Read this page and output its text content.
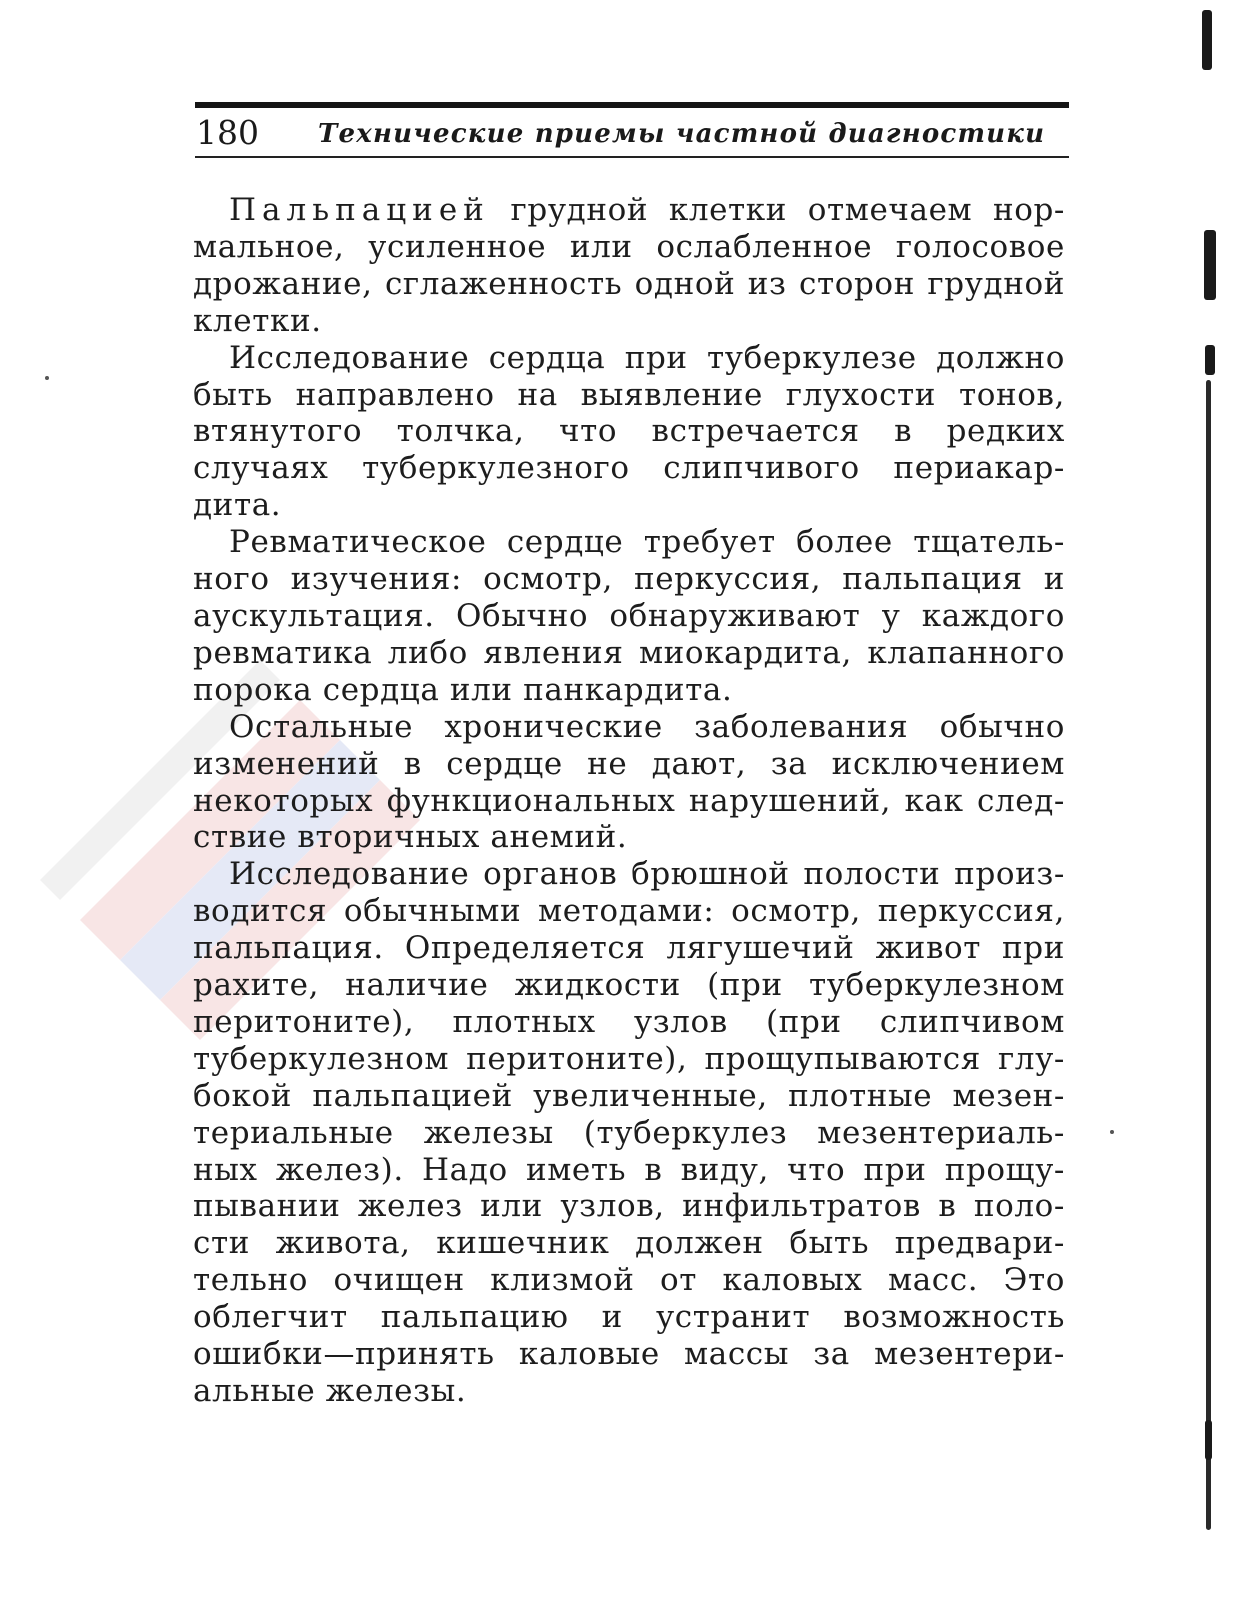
180 Технические приемы частной диагностики
Пальпацией грудной клетки отмечаем нор-
мальное, усиленное или ослабленное голосовое
дрожание, сглаженность одной из сторон грудной
клетки.
Исследование сердца при туберкулезе должно
быть направлено на выявление глухости тонов,
втянутого толчка, что встречается в редких
случаях туберкулезного слипчивого периакар-
дита.
Ревматическое сердце требует более тщатель-
ного изучения: осмотр, перкуссия, пальпация и
аускультация. Обычно обнаруживают у каждого
ревматика либо явления миокардита, клапанного
порока сердца или панкардита.
Остальные хронические заболевания обычно
изменений в сердце не дают, за исключением
некоторых функциональных нарушений, как след-
ствие вторичных анемий.
Исследование органов брюшной полости произ-
водится обычными методами: осмотр, перкуссия,
пальпация. Определяется лягушечий живот при
рахите, наличие жидкости (при туберкулезном
перитоните), плотных узлов (при слипчивом
туберкулезном перитоните), прощупываются глу-
бокой пальпацией увеличенные, плотные мезен-
териальные железы (туберкулез мезентериаль-
ных желез). Надо иметь в виду, что при прощу-
пывании желез или узлов, инфильтратов в поло-
сти живота, кишечник должен быть предвари-
тельно очищен клизмой от каловых масс. Это
облегчит пальпацию и устранит возможность
ошибки—принять каловые массы за мезентери-
альные железы.
